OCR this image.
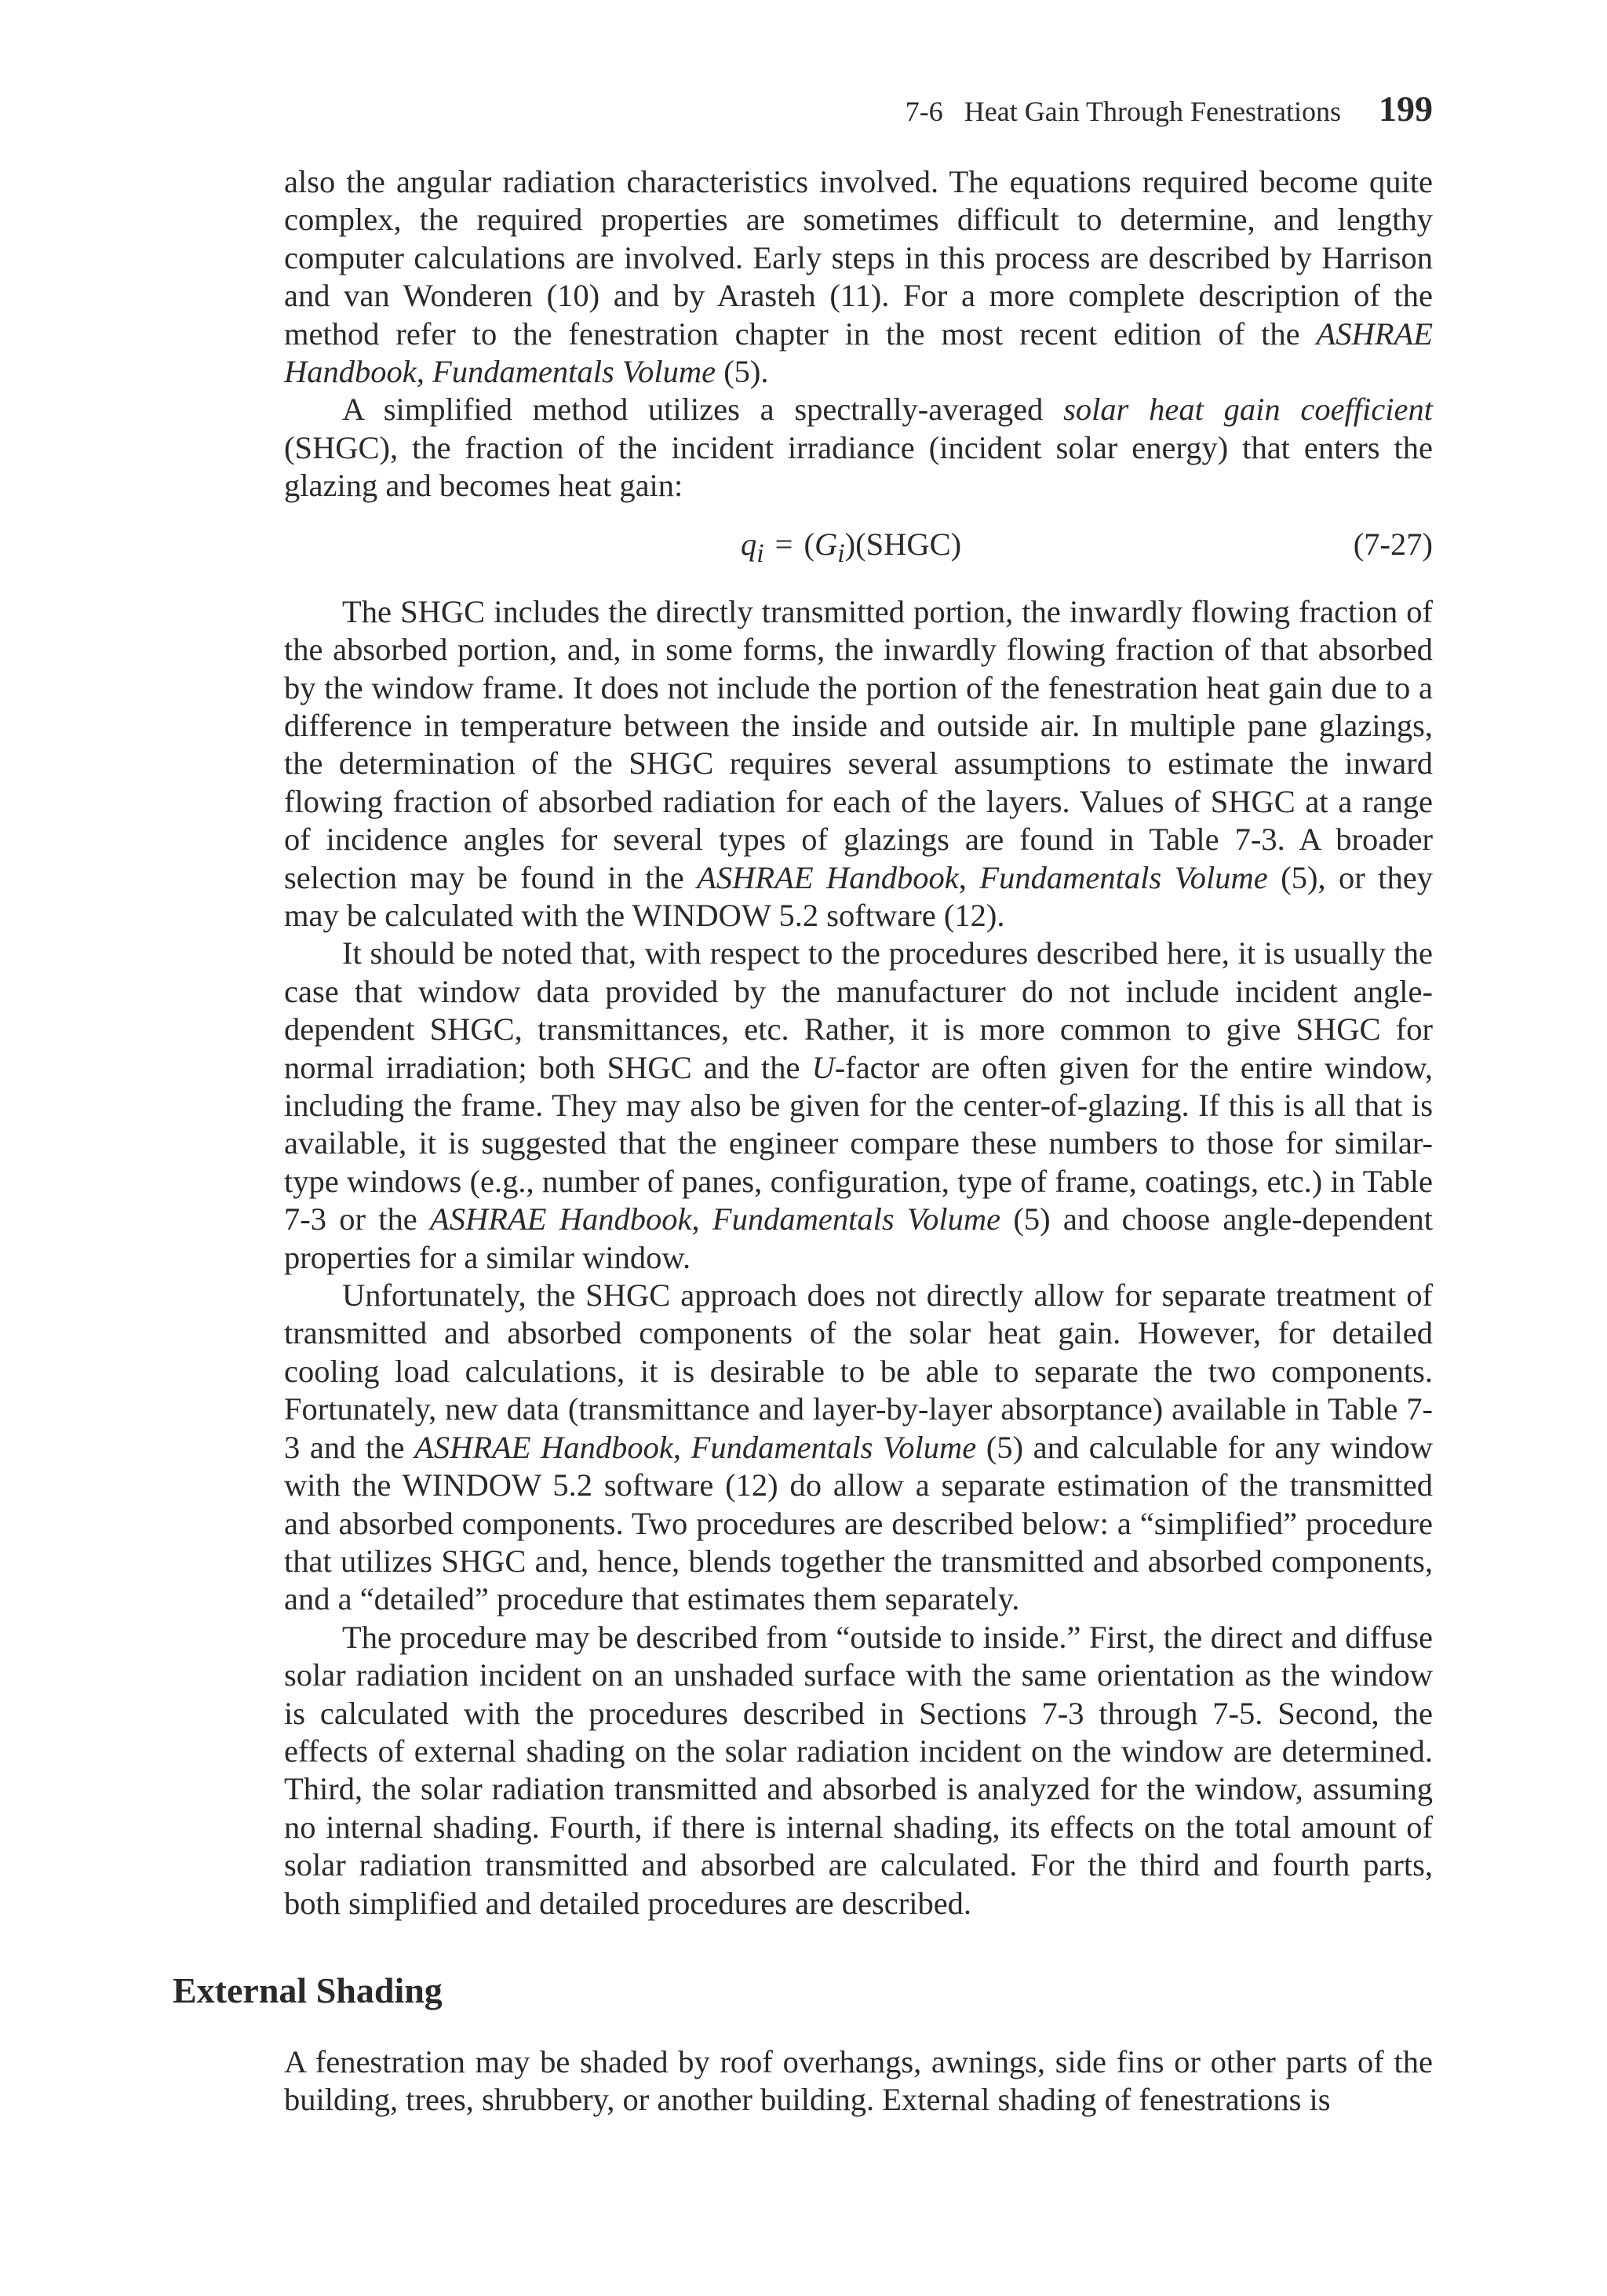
7-6 Heat Gain Through Fenestrations 199

also the angular radiation characteristics involved. The equations required become quite complex, the required properties are sometimes difficult to determine, and lengthy computer calculations are involved. Early steps in this process are described by Harrison and van Wonderen (10) and by Arasteh (11). For a more complete description of the method refer to the fenestration chapter in the most recent edition of the ASHRAE Handbook, Fundamentals Volume (5).

A simplified method utilizes a spectrally-averaged solar heat gain coefficient (SHGC), the fraction of the incident irradiance (incident solar energy) that enters the glazing and becomes heat gain:

$q_i$ = $(G_i)(SHGC)$	(7-27)

The SHGC includes the directly transmitted portion, the inwardly flowing fraction of the absorbed portion, and, in some forms, the inwardly flowing fraction of that absorbed by the window frame. It does not include the portion of the fenestration heat gain due to a difference in temperature between the inside and outside air. In multiple pane glazings, the determination of the SHGC requires several assumptions to estimate the inward flowing fraction of absorbed radiation for each of the layers. Values of SHGC at a range of incidence angles for several types of glazings are found in Table 7-3. A broader selection may be found in the ASHRAE Handbook, Fundamentals Volume (5), or they may be calculated with the WINDOW 5.2 software (12).

It should be noted that, with respect to the procedures described here, it is usually the case that window data provided by the manufacturer do not include incident angle-dependent SHGC, transmittances, etc. Rather, it is more common to give SHGC for normal irradiation; both SHGC and the U-factor are often given for the entire window, including the frame. They may also be given for the center-of-glazing. If this is all that is available, it is suggested that the engineer compare these numbers to those for similar-type windows (e.g., number of panes, configuration, type of frame, coatings, etc.) in Table 7-3 or the ASHRAE Handbook, Fundamentals Volume (5) and choose angle-dependent properties for a similar window.

Unfortunately, the SHGC approach does not directly allow for separate treatment of transmitted and absorbed components of the solar heat gain. However, for detailed cooling load calculations, it is desirable to be able to separate the two components. Fortunately, new data (transmittance and layer-by-layer absorptance) available in Table 7-3 and the ASHRAE Handbook, Fundamentals Volume (5) and calculable for any window with the WINDOW 5.2 software (12) do allow a separate estimation of the transmitted and absorbed components. Two procedures are described below: a “simplified” procedure that utilizes SHGC and, hence, blends together the transmitted and absorbed components, and a “detailed” procedure that estimates them separately.

The procedure may be described from “outside to inside.” First, the direct and diffuse solar radiation incident on an unshaded surface with the same orientation as the window is calculated with the procedures described in Sections 7-3 through 7-5. Second, the effects of external shading on the solar radiation incident on the window are determined. Third, the solar radiation transmitted and absorbed is analyzed for the window, assuming no internal shading. Fourth, if there is internal shading, its effects on the total amount of solar radiation transmitted and absorbed are calculated. For the third and fourth parts, both simplified and detailed procedures are described.

External Shading

A fenestration may be shaded by roof overhangs, awnings, side fins or other parts of the building, trees, shrubbery, or another building. External shading of fenestrations is
